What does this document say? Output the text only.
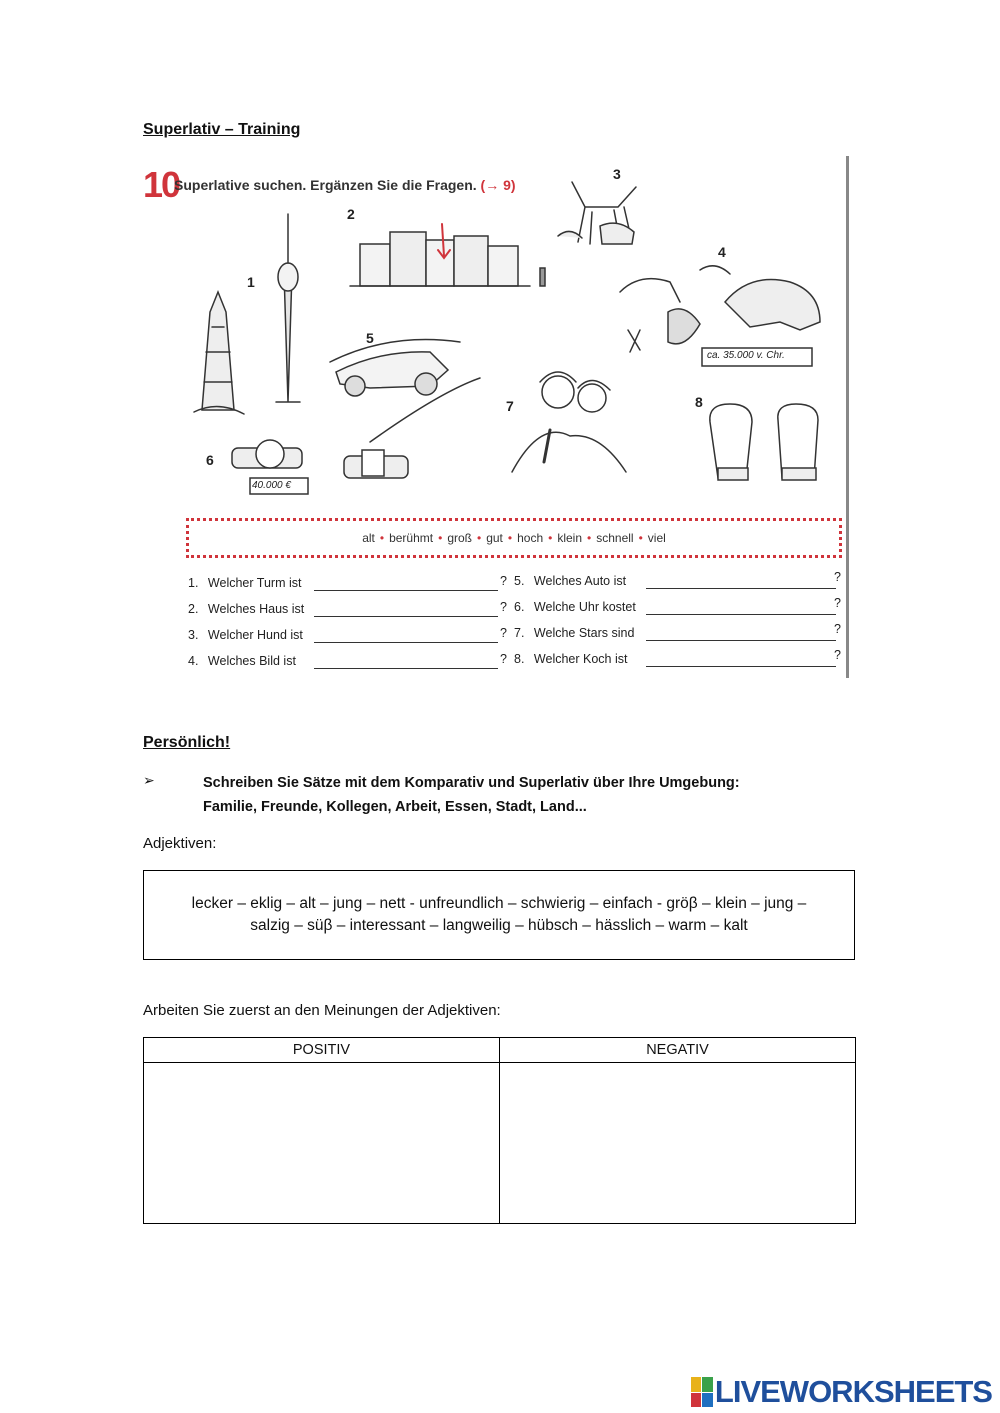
Superlativ – Training
10
Superlative suchen. Ergänzen Sie die Fragen. (→ 9)
1
2
3
4
5
6
7	8
ca. 35.000 v. Chr.
40.000 €
alt • berühmt • groß • gut • hoch • klein • schnell • viel
1. Welcher Turm ist	?
2. Welches Haus ist	?
3. Welcher Hund ist	?
4. Welches Bild ist	?
5. Welches Auto ist	?
6. Welche Uhr kostet	?
7. Welche Stars sind	?
8. Welcher Koch ist	?
Persönlich!
➢	Schreiben Sie Sätze mit dem Komparativ und Superlativ über Ihre Umgebung:
Familie, Freunde, Kollegen, Arbeit, Essen, Stadt, Land...
Adjektiven:
lecker – eklig – alt – jung – nett - unfreundlich – schwierig – einfach - gröβ – klein – jung –
salzig – süβ – interessant – langweilig – hübsch – hässlich – warm – kalt
Arbeiten Sie zuerst an den Meinungen der Adjektiven:
POSITIV	NEGATIV

LIVEWORKSHEETS
